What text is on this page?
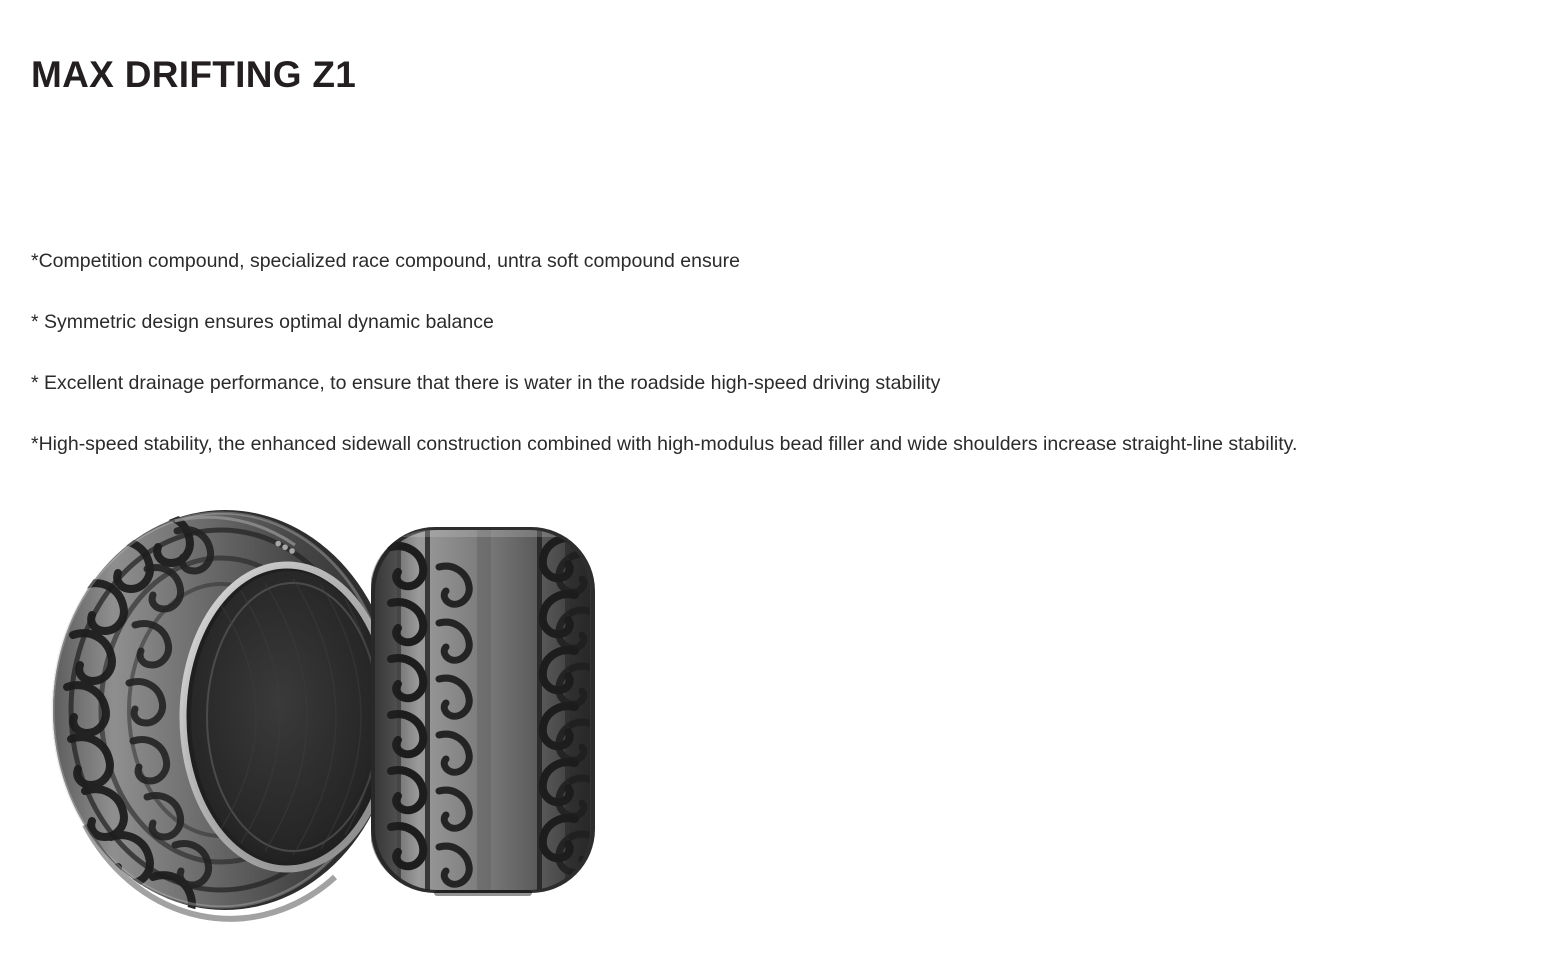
MAX DRIFTING Z1

*Competition compound, specialized race compound, untra soft compound ensure

* Symmetric design ensures optimal dynamic balance

* Excellent drainage performance, to ensure that there is water in the roadside high-speed driving stability

*High-speed stability, the enhanced sidewall construction combined with high-modulus bead filler and wide shoulders increase straight-line stability.

●●●
